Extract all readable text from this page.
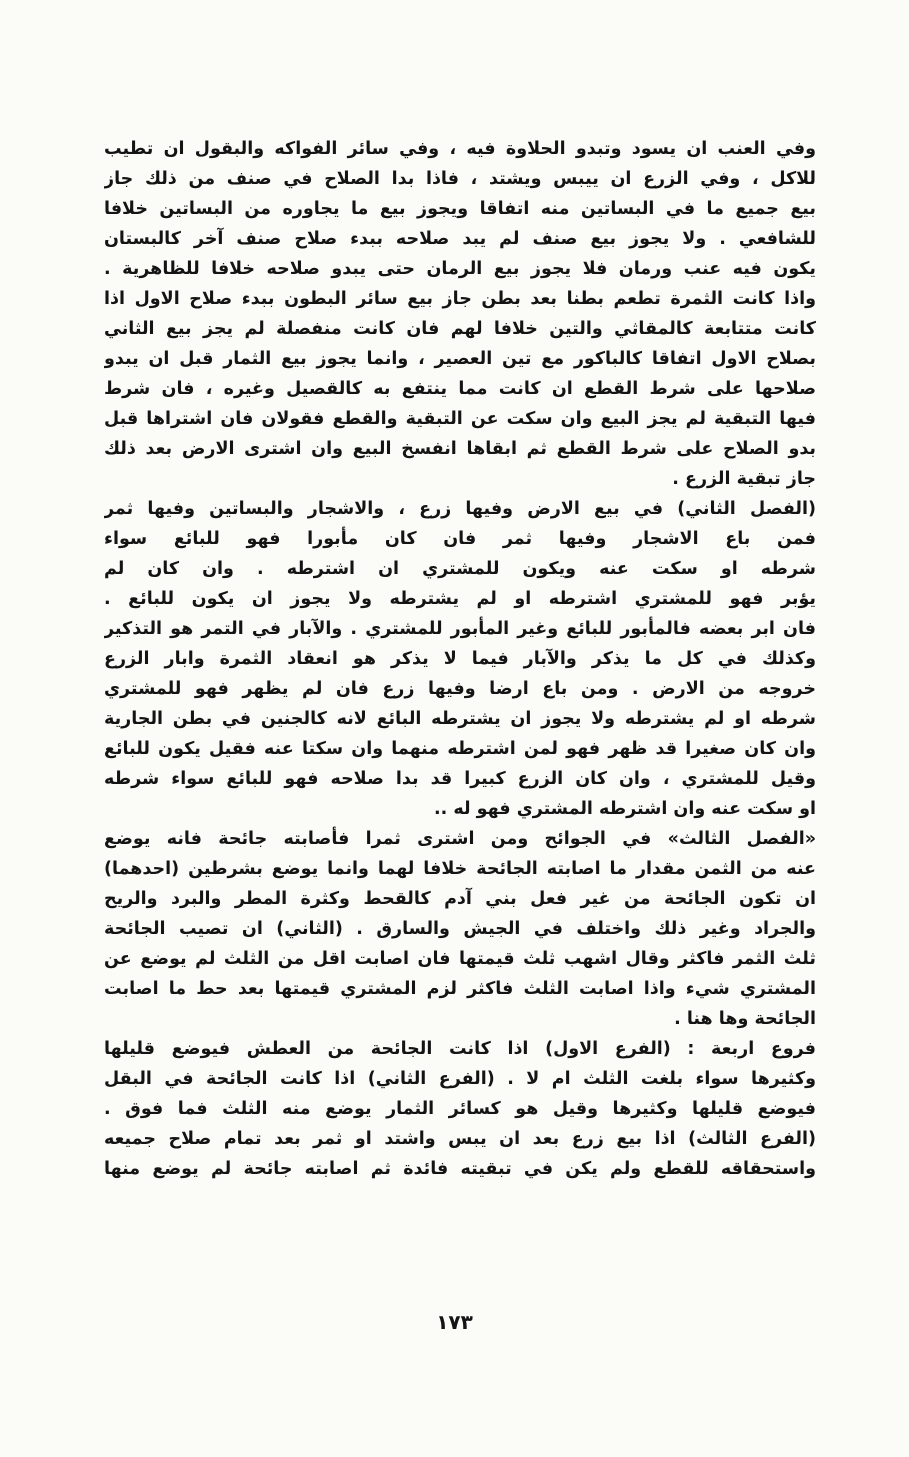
وفي العنب ان يسود وتبدو الحلاوة فيه ، وفي سائر الفواكه والبقول ان تطيب
للاكل ، وفي الزرع ان ييبس ويشتد ، فاذا بدا الصلاح في صنف من ذلك جاز
بيع جميع ما في البساتين منه اتفاقا ويجوز بيع ما يجاوره من البساتين خلافا
للشافعي . ولا يجوز بيع صنف لم يبد صلاحه ببدء صلاح صنف آخر كالبستان
يكون فيه عنب ورمان فلا يجوز بيع الرمان حتى يبدو صلاحه خلافا للظاهرية .
واذا كانت الثمرة تطعم بطنا بعد بطن جاز بيع سائر البطون ببدء صلاح الاول اذا
كانت متتابعة كالمقاثي والتين خلافا لهم فان كانت منفصلة لم يجز بيع الثاني
بصلاح الاول اتفاقا كالباكور مع تين العصير ، وانما يجوز بيع الثمار قبل ان يبدو
صلاحها على شرط القطع ان كانت مما ينتفع به كالقصيل وغيره ، فان شرط
فيها التبقية لم يجز البيع وان سكت عن التبقية والقطع فقولان فان اشتراها قبل
بدو الصلاح على شرط القطع ثم ابقاها انفسخ البيع وان اشترى الارض بعد ذلك
جاز تبقية الزرع .
(الفصل الثاني) في بيع الارض وفيها زرع ، والاشجار والبساتين وفيها ثمر
فمن باع الاشجار وفيها ثمر فان كان مأبورا فهو للبائع سواء
شرطه او سكت عنه ويكون للمشتري ان اشترطه . وان كان لم
يؤبر فهو للمشتري اشترطه او لم يشترطه ولا يجوز ان يكون للبائع .
فان ابر بعضه فالمأبور للبائع وغير المأبور للمشتري . والآبار في التمر هو التذكير
وكذلك في كل ما يذكر والآبار فيما لا يذكر هو انعقاد الثمرة وابار الزرع
خروجه من الارض . ومن باع ارضا وفيها زرع فان لم يظهر فهو للمشتري
شرطه او لم يشترطه ولا يجوز ان يشترطه البائع لانه كالجنين في بطن الجارية
وان كان صغيرا قد ظهر فهو لمن اشترطه منهما وان سكتا عنه فقيل يكون للبائع
وقيل للمشتري ، وان كان الزرع كبيرا قد بدا صلاحه فهو للبائع سواء شرطه
او سكت عنه وان اشترطه المشتري فهو له ..
«الفصل الثالث» في الجوائح ومن اشترى ثمرا فأصابته جائحة فانه يوضع
عنه من الثمن مقدار ما اصابته الجائحة خلافا لهما وانما يوضع بشرطين (احدهما)
ان تكون الجائحة من غير فعل بني آدم كالقحط وكثرة المطر والبرد والريح
والجراد وغير ذلك واختلف في الجيش والسارق . (الثاني) ان تصيب الجائحة
ثلث الثمر فاكثر وقال اشهب ثلث قيمتها فان اصابت اقل من الثلث لم يوضع عن
المشتري شيء واذا اصابت الثلث فاكثر لزم المشتري قيمتها بعد حط ما اصابت
الجائحة وها هنا .
فروع اربعة : (الفرع الاول) اذا كانت الجائحة من العطش فيوضع قليلها
وكثيرها سواء بلغت الثلث ام لا . (الفرع الثاني) اذا كانت الجائحة في البقل
فيوضع قليلها وكثيرها وقيل هو كسائر الثمار يوضع منه الثلث فما فوق .
(الفرع الثالث) اذا بيع زرع بعد ان يبس واشتد او ثمر بعد تمام صلاح جميعه
واستحقاقه للقطع ولم يكن في تبقيته فائدة ثم اصابته جائحة لم يوضع منها
١٧٣
